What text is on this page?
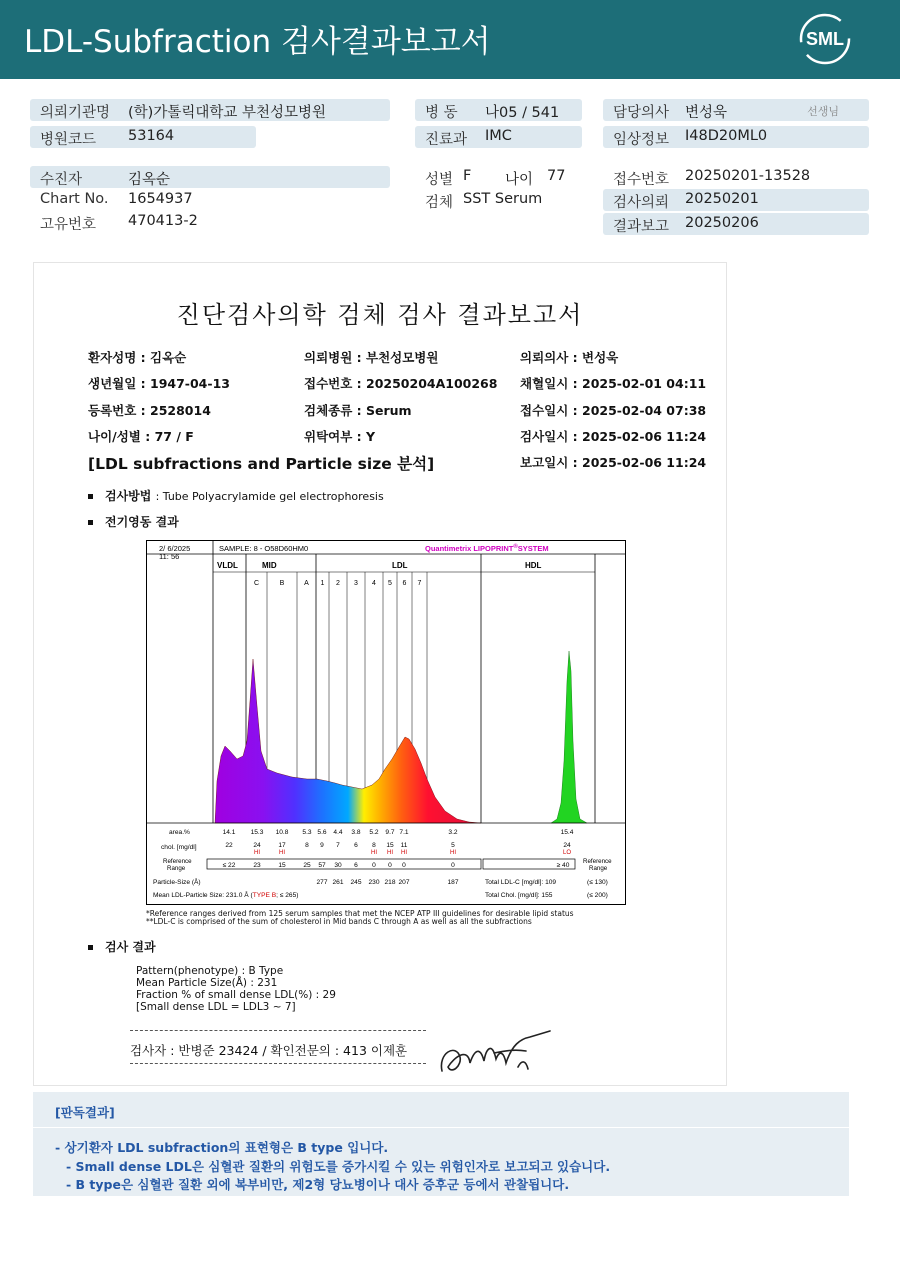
LDL-Subfraction 검사결과보고서	SML
의뢰기관명 (학)가톨릭대학교 부천성모병원
병원코드 53164
병 동 나05 / 541
진료과 IMC
담당의사 변성욱	선생님
임상정보 I48D20ML0
수진자	김옥순
Chart No. 1654937
고유번호 470413-2
성별 F 나이 77
검체 SST Serum
접수번호 20250201-13528
검사의뢰 20250201
결과보고 20250206
진단검사의학 검체 검사 결과보고서
환자성명 : 김옥순	의뢰병원 : 부천성모병원	의뢰의사 : 변성욱
생년월일 : 1947-04-13	접수번호 : 20250204A100268 채혈일시 : 2025-02-01 04:11
등록번호 : 2528014	검체종류 : Serum	접수일시 : 2025-02-04 07:38
나이/성별 : 77 / F	위탁여부 : Y	검사일시 : 2025-02-06 11:24
[LDL subfractions and Particle size 분석]	보고일시 : 2025-02-06 11:24
검사방법 : Tube Polyacrylamide gel electrophoresis
전기영동 결과
2/ 6/2025
11: 56
SAMPLE: 8 - O58D60HM0	Quantimetrix LIPOPRINT®SYSTEM
VLDL	MID	LDL	HDL
C	B	A 1 2 3 4 5 6 7
area.%	14.1 15.3 10.8 5.3 5.6 4.4 3.8 5.2 9.7 7.1	3.2	15.4
chol. [mg/dl]	22	24	17	8 9 7 6 8 15 11	5	24
HI	HI	HI HI HI	HI	LO
Reference
Range	≤ 22	23	15	25 57 30 6 0 0 0	0	≥ 40
Reference
Range
Particle-Size (Å)	277 261 245 230 218 207	187	Total LDL-C [mg/dl]: 109	(≤ 130)
Mean LDL-Particle Size: 231.0 Å (TYPE B; ≤ 265)	Total Chol. [mg/dl]: 155	(≤ 200)
*Reference ranges derived from 125 serum samples that met the NCEP ATP III guidelines for desirable lipid status
**LDL-C is comprised of the sum of cholesterol in Mid bands C through A as well as all the subfractions
검사 결과
Pattern(phenotype) : B Type
Mean Particle Size(Å) : 231
Fraction % of small dense LDL(%) : 29
[Small dense LDL = LDL3 ~ 7]
검사자 : 반병준 23424 / 확인전문의 : 413 이제훈
[판독결과]
- 상기환자 LDL subfraction의 표현형은 B type 입니다.
- Small dense LDL은 심혈관 질환의 위험도를 증가시킬 수 있는 위험인자로 보고되고 있습니다.
- B type은 심혈관 질환 외에 복부비만, 제2형 당뇨병이나 대사 증후군 등에서 관찰됩니다.
